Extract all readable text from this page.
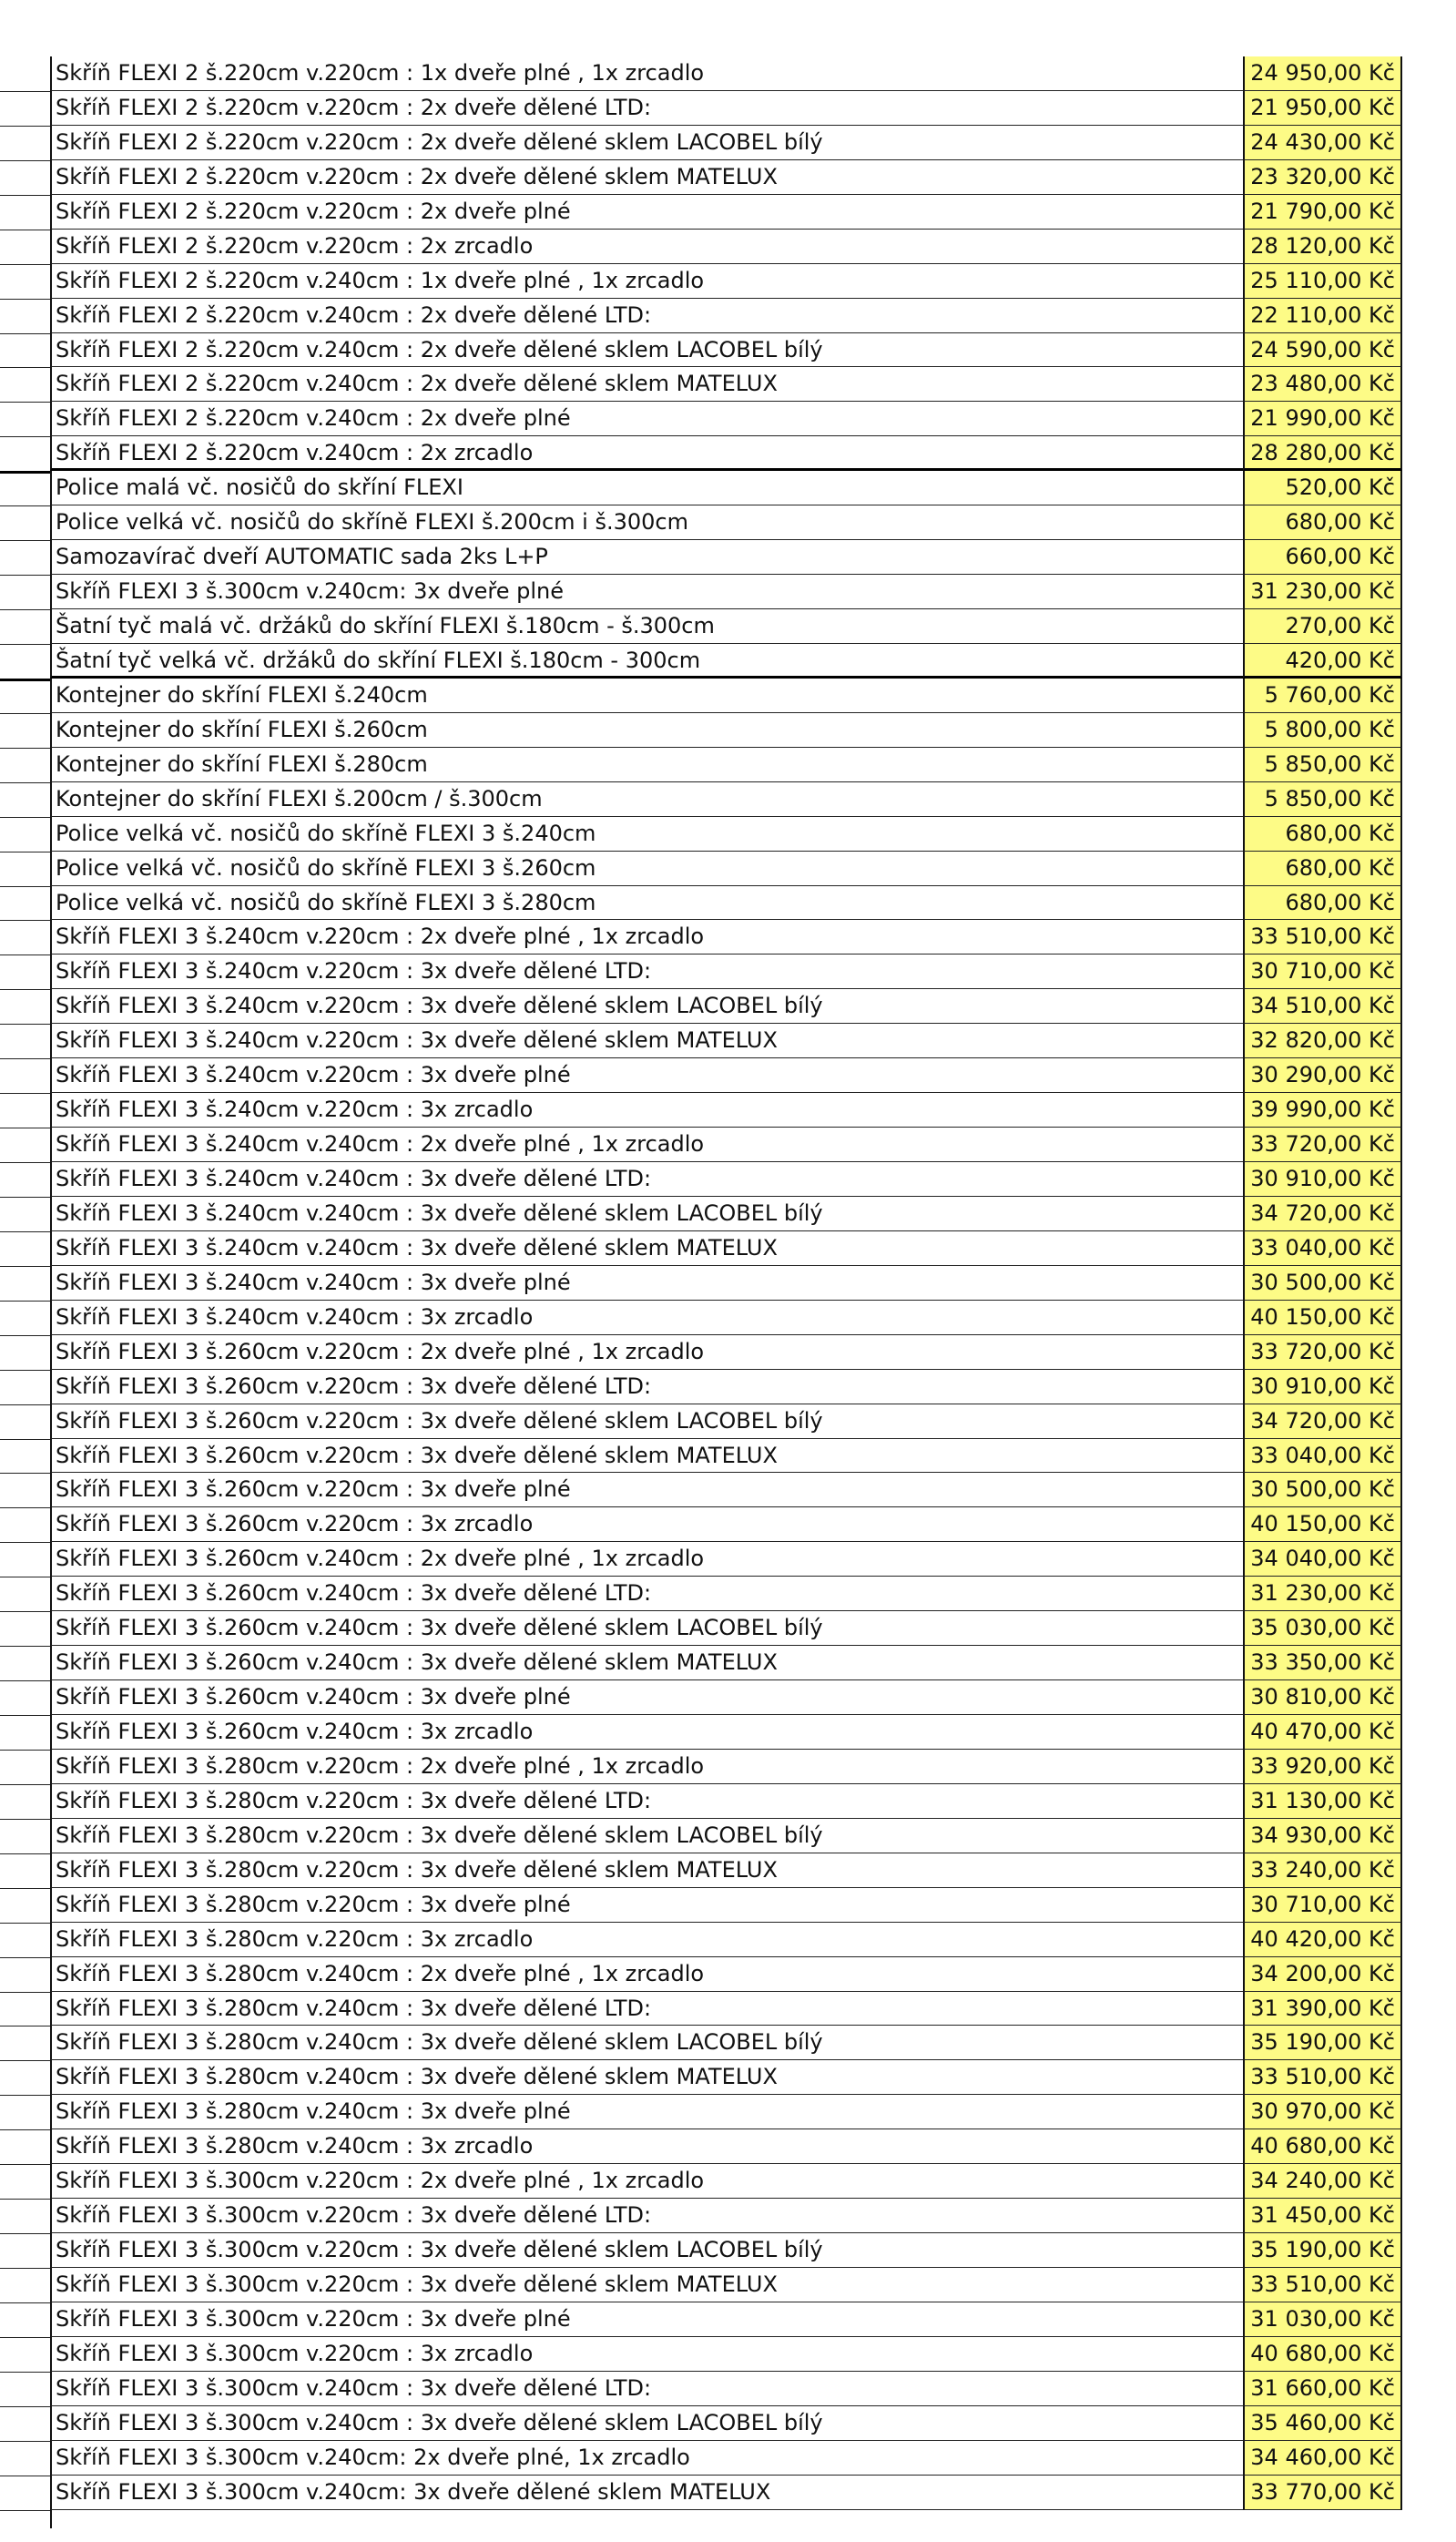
Skříň FLEXI 2 š.220cm v.220cm : 1x dveře plné , 1x zrcadlo	24 950,00 Kč
Skříň FLEXI 2 š.220cm v.220cm : 2x dveře dělené LTD:	21 950,00 Kč
Skříň FLEXI 2 š.220cm v.220cm : 2x dveře dělené sklem LACOBEL bílý	24 430,00 Kč
Skříň FLEXI 2 š.220cm v.220cm : 2x dveře dělené sklem MATELUX	23 320,00 Kč
Skříň FLEXI 2 š.220cm v.220cm : 2x dveře plné	21 790,00 Kč
Skříň FLEXI 2 š.220cm v.220cm : 2x zrcadlo	28 120,00 Kč
Skříň FLEXI 2 š.220cm v.240cm : 1x dveře plné , 1x zrcadlo	25 110,00 Kč
Skříň FLEXI 2 š.220cm v.240cm : 2x dveře dělené LTD:	22 110,00 Kč
Skříň FLEXI 2 š.220cm v.240cm : 2x dveře dělené sklem LACOBEL bílý	24 590,00 Kč
Skříň FLEXI 2 š.220cm v.240cm : 2x dveře dělené sklem MATELUX	23 480,00 Kč
Skříň FLEXI 2 š.220cm v.240cm : 2x dveře plné	21 990,00 Kč
Skříň FLEXI 2 š.220cm v.240cm : 2x zrcadlo	28 280,00 Kč
Police malá vč. nosičů do skříní FLEXI	520,00 Kč
Police velká vč. nosičů do skříně FLEXI š.200cm i š.300cm	680,00 Kč
Samozavírač dveří AUTOMATIC sada 2ks L+P	660,00 Kč
Skříň FLEXI 3 š.300cm v.240cm: 3x dveře plné	31 230,00 Kč
Šatní tyč malá vč. držáků do skříní FLEXI š.180cm - š.300cm	270,00 Kč
Šatní tyč velká vč. držáků do skříní FLEXI š.180cm - 300cm	420,00 Kč
Kontejner do skříní FLEXI š.240cm	5 760,00 Kč
Kontejner do skříní FLEXI š.260cm	5 800,00 Kč
Kontejner do skříní FLEXI š.280cm	5 850,00 Kč
Kontejner do skříní FLEXI š.200cm / š.300cm	5 850,00 Kč
Police velká vč. nosičů do skříně FLEXI 3 š.240cm	680,00 Kč
Police velká vč. nosičů do skříně FLEXI 3 š.260cm	680,00 Kč
Police velká vč. nosičů do skříně FLEXI 3 š.280cm	680,00 Kč
Skříň FLEXI 3 š.240cm v.220cm : 2x dveře plné , 1x zrcadlo	33 510,00 Kč
Skříň FLEXI 3 š.240cm v.220cm : 3x dveře dělené LTD:	30 710,00 Kč
Skříň FLEXI 3 š.240cm v.220cm : 3x dveře dělené sklem LACOBEL bílý	34 510,00 Kč
Skříň FLEXI 3 š.240cm v.220cm : 3x dveře dělené sklem MATELUX	32 820,00 Kč
Skříň FLEXI 3 š.240cm v.220cm : 3x dveře plné	30 290,00 Kč
Skříň FLEXI 3 š.240cm v.220cm : 3x zrcadlo	39 990,00 Kč
Skříň FLEXI 3 š.240cm v.240cm : 2x dveře plné , 1x zrcadlo	33 720,00 Kč
Skříň FLEXI 3 š.240cm v.240cm : 3x dveře dělené LTD:	30 910,00 Kč
Skříň FLEXI 3 š.240cm v.240cm : 3x dveře dělené sklem LACOBEL bílý	34 720,00 Kč
Skříň FLEXI 3 š.240cm v.240cm : 3x dveře dělené sklem MATELUX	33 040,00 Kč
Skříň FLEXI 3 š.240cm v.240cm : 3x dveře plné	30 500,00 Kč
Skříň FLEXI 3 š.240cm v.240cm : 3x zrcadlo	40 150,00 Kč
Skříň FLEXI 3 š.260cm v.220cm : 2x dveře plné , 1x zrcadlo	33 720,00 Kč
Skříň FLEXI 3 š.260cm v.220cm : 3x dveře dělené LTD:	30 910,00 Kč
Skříň FLEXI 3 š.260cm v.220cm : 3x dveře dělené sklem LACOBEL bílý	34 720,00 Kč
Skříň FLEXI 3 š.260cm v.220cm : 3x dveře dělené sklem MATELUX	33 040,00 Kč
Skříň FLEXI 3 š.260cm v.220cm : 3x dveře plné	30 500,00 Kč
Skříň FLEXI 3 š.260cm v.220cm : 3x zrcadlo	40 150,00 Kč
Skříň FLEXI 3 š.260cm v.240cm : 2x dveře plné , 1x zrcadlo	34 040,00 Kč
Skříň FLEXI 3 š.260cm v.240cm : 3x dveře dělené LTD:	31 230,00 Kč
Skříň FLEXI 3 š.260cm v.240cm : 3x dveře dělené sklem LACOBEL bílý	35 030,00 Kč
Skříň FLEXI 3 š.260cm v.240cm : 3x dveře dělené sklem MATELUX	33 350,00 Kč
Skříň FLEXI 3 š.260cm v.240cm : 3x dveře plné	30 810,00 Kč
Skříň FLEXI 3 š.260cm v.240cm : 3x zrcadlo	40 470,00 Kč
Skříň FLEXI 3 š.280cm v.220cm : 2x dveře plné , 1x zrcadlo	33 920,00 Kč
Skříň FLEXI 3 š.280cm v.220cm : 3x dveře dělené LTD:	31 130,00 Kč
Skříň FLEXI 3 š.280cm v.220cm : 3x dveře dělené sklem LACOBEL bílý	34 930,00 Kč
Skříň FLEXI 3 š.280cm v.220cm : 3x dveře dělené sklem MATELUX	33 240,00 Kč
Skříň FLEXI 3 š.280cm v.220cm : 3x dveře plné	30 710,00 Kč
Skříň FLEXI 3 š.280cm v.220cm : 3x zrcadlo	40 420,00 Kč
Skříň FLEXI 3 š.280cm v.240cm : 2x dveře plné , 1x zrcadlo	34 200,00 Kč
Skříň FLEXI 3 š.280cm v.240cm : 3x dveře dělené LTD:	31 390,00 Kč
Skříň FLEXI 3 š.280cm v.240cm : 3x dveře dělené sklem LACOBEL bílý	35 190,00 Kč
Skříň FLEXI 3 š.280cm v.240cm : 3x dveře dělené sklem MATELUX	33 510,00 Kč
Skříň FLEXI 3 š.280cm v.240cm : 3x dveře plné	30 970,00 Kč
Skříň FLEXI 3 š.280cm v.240cm : 3x zrcadlo	40 680,00 Kč
Skříň FLEXI 3 š.300cm v.220cm : 2x dveře plné , 1x zrcadlo	34 240,00 Kč
Skříň FLEXI 3 š.300cm v.220cm : 3x dveře dělené LTD:	31 450,00 Kč
Skříň FLEXI 3 š.300cm v.220cm : 3x dveře dělené sklem LACOBEL bílý	35 190,00 Kč
Skříň FLEXI 3 š.300cm v.220cm : 3x dveře dělené sklem MATELUX	33 510,00 Kč
Skříň FLEXI 3 š.300cm v.220cm : 3x dveře plné	31 030,00 Kč
Skříň FLEXI 3 š.300cm v.220cm : 3x zrcadlo	40 680,00 Kč
Skříň FLEXI 3 š.300cm v.240cm : 3x dveře dělené LTD:	31 660,00 Kč
Skříň FLEXI 3 š.300cm v.240cm : 3x dveře dělené sklem LACOBEL bílý	35 460,00 Kč
Skříň FLEXI 3 š.300cm v.240cm: 2x dveře plné, 1x zrcadlo	34 460,00 Kč
Skříň FLEXI 3 š.300cm v.240cm: 3x dveře dělené sklem MATELUX	33 770,00 Kč
